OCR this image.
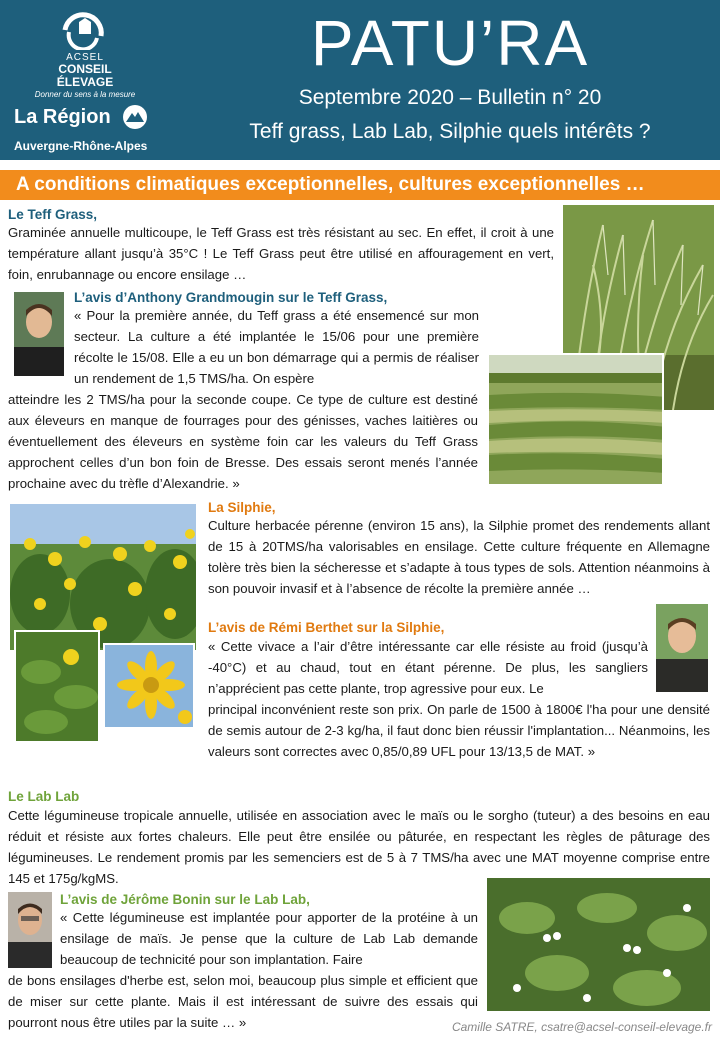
ACSEL
CONSEIL ÉLEVAGE
Donner du sens à la mesure
La Région
Auvergne-Rhône-Alpes
PATU’RA
Septembre 2020 – Bulletin n° 20
Teff grass, Lab Lab, Silphie quels intérêts ?
A conditions climatiques exceptionnelles, cultures exceptionnelles …
Le Teff Grass,
Graminée annuelle multicoupe, le Teff Grass est très résistant au sec. En effet, il croit à une température allant jusqu’à 35°C ! Le Teff Grass peut être utilisé en affouragement en vert, foin, enrubannage ou encore ensilage …
L’avis d’Anthony Grandmougin sur le Teff Grass,
« Pour la première année, du Teff grass a été ensemencé sur mon secteur. La culture a été implantée le 15/06 pour une première récolte le 15/08. Elle a eu un bon démarrage qui a permis de réaliser un rendement de 1,5 TMS/ha. On espère
atteindre les 2 TMS/ha pour la seconde coupe. Ce type de culture est destiné aux éleveurs en manque de fourrages pour des génisses, vaches laitières ou éventuellement des éleveurs en système foin car les valeurs du Teff Grass approchent celles d’un bon foin de Bresse. Des essais seront menés l’année prochaine avec du trèfle d’Alexandrie. »
La Silphie,
Culture herbacée pérenne (environ 15 ans), la Silphie promet des rendements allant de 15 à 20TMS/ha valorisables en ensilage. Cette culture fréquente en Allemagne tolère très bien la sécheresse et s’adapte à tous types de sols. Attention néanmoins à son pouvoir invasif et à l’absence de récolte la première année …
L’avis de Rémi Berthet sur la Silphie,
« Cette vivace a l’air d’être intéressante car elle résiste au froid (jusqu’à -40°C) et au chaud, tout en étant pérenne. De plus, les sangliers n’apprécient pas cette plante, trop agressive pour eux. Le
principal inconvénient reste son prix. On parle de 1500 à 1800€ l'ha pour une densité de semis autour de 2-3 kg/ha, il faut donc bien réussir l'implantation... Néanmoins, les valeurs sont correctes avec 0,85/0,89 UFL pour 13/13,5 de MAT. »
Le Lab Lab
Cette légumineuse tropicale annuelle, utilisée en association avec le maïs ou le sorgho (tuteur) a des besoins en eau réduit et résiste aux fortes chaleurs. Elle peut être ensilée ou pâturée, en respectant les règles de pâturage des légumineuses. Le rendement promis par les semenciers est de 5 à 7 TMS/ha avec une MAT moyenne comprise entre 145 et 175g/kgMS.
L’avis de Jérôme Bonin sur le Lab Lab,
« Cette légumineuse est implantée pour apporter de la protéine à un ensilage de maïs. Je pense que la culture de Lab Lab demande beaucoup de technicité pour son implantation. Faire
de bons ensilages d'herbe est, selon moi, beaucoup plus simple et efficient que de miser sur cette plante. Mais il est intéressant de suivre des essais qui pourront nous être utiles par la suite … »	Camille SATRE, csatre@acsel-conseil-elevage.fr
